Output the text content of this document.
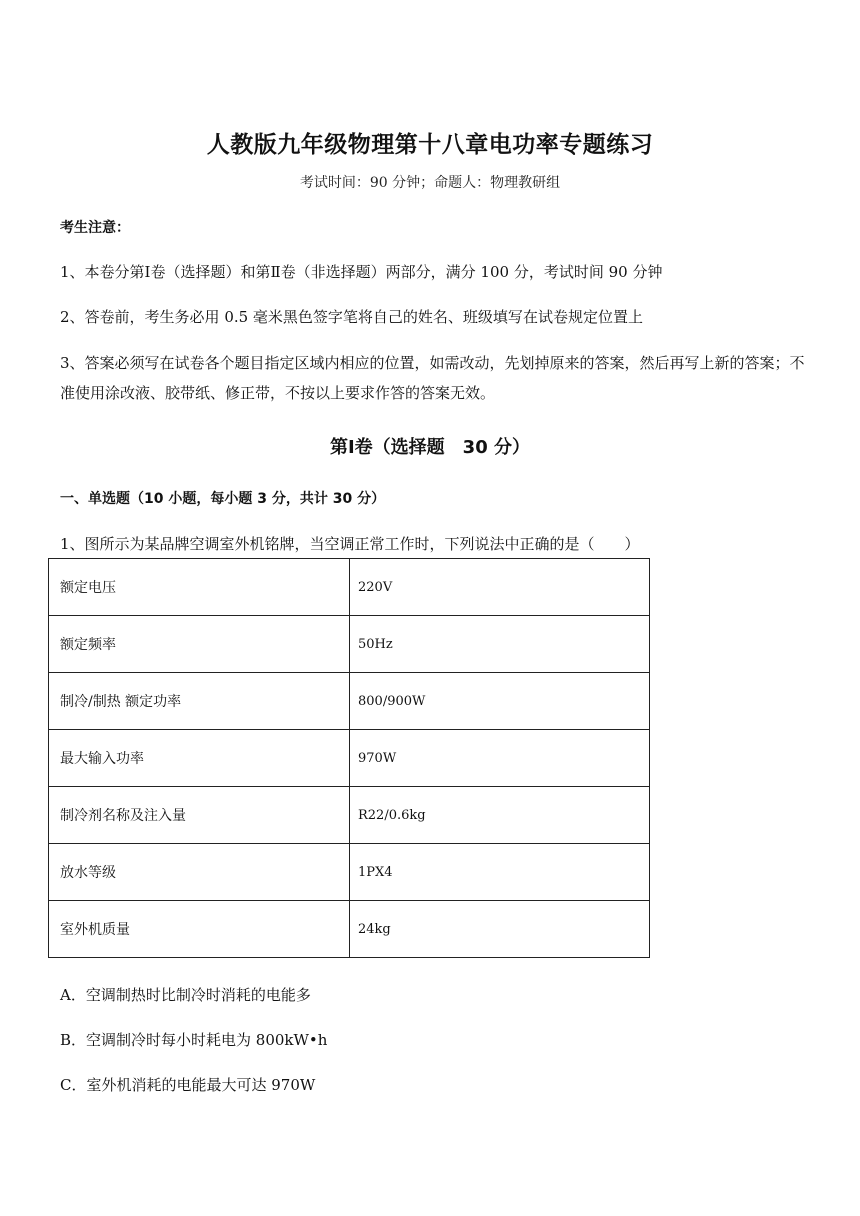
人教版九年级物理第十八章电功率专题练习
考试时间：90 分钟；命题人：物理教研组
考生注意：
1、本卷分第Ⅰ卷（选择题）和第Ⅱ卷（非选择题）两部分，满分 100 分，考试时间 90 分钟
2、答卷前，考生务必用 0.5 毫米黑色签字笔将自己的姓名、班级填写在试卷规定位置上
3、答案必须写在试卷各个题目指定区域内相应的位置，如需改动，先划掉原来的答案，然后再写上新的答案；不准使用涂改液、胶带纸、修正带，不按以上要求作答的答案无效。
第Ⅰ卷（选择题　30 分）
一、单选题（10 小题，每小题 3 分，共计 30 分）
1、图所示为某品牌空调室外机铭牌，当空调正常工作时，下列说法中正确的是（　　）
额定电压	220V
额定频率	50Hz
制冷/制热 额定功率	800/900W
最大输入功率	970W
制冷剂名称及注入量	R22/0.6kg
放水等级	1PX4
室外机质量	24kg
A．空调制热时比制冷时消耗的电能多
B．空调制冷时每小时耗电为 800kW•h
C．室外机消耗的电能最大可达 970W
